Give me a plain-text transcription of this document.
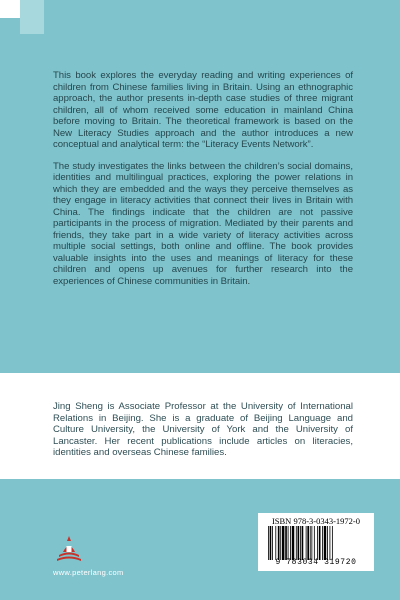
This book explores the everyday reading and writing experiences of children from Chinese families living in Britain. Using an ethnographic approach, the author presents in-depth case studies of three migrant children, all of whom received some education in mainland China before moving to Britain. The theoretical framework is based on the New Literacy Studies approach and the author introduces a new conceptual and analytical term: the “Literacy Events Network”.

The study investigates the links between the children’s social domains, identities and multilingual practices, exploring the power relations in which they are embedded and the ways they perceive themselves as they engage in literacy activities that connect their lives in Britain with China. The findings indicate that the children are not passive participants in the process of migration. Mediated by their parents and friends, they take part in a wide variety of literacy activities across multiple social settings, both online and offline. The book provides valuable insights into the uses and meanings of literacy for these children and opens up avenues for further research into the experiences of Chinese communities in Britain.

Jing Sheng is Associate Professor at the University of International Relations in Beijing. She is a graduate of Beijing Language and Culture University, the University of York and the University of Lancaster. Her recent publications include articles on literacies, identities and overseas Chinese families.

www.peterlang.com
ISBN 978-3-0343-1972-0
9 783034 319720
